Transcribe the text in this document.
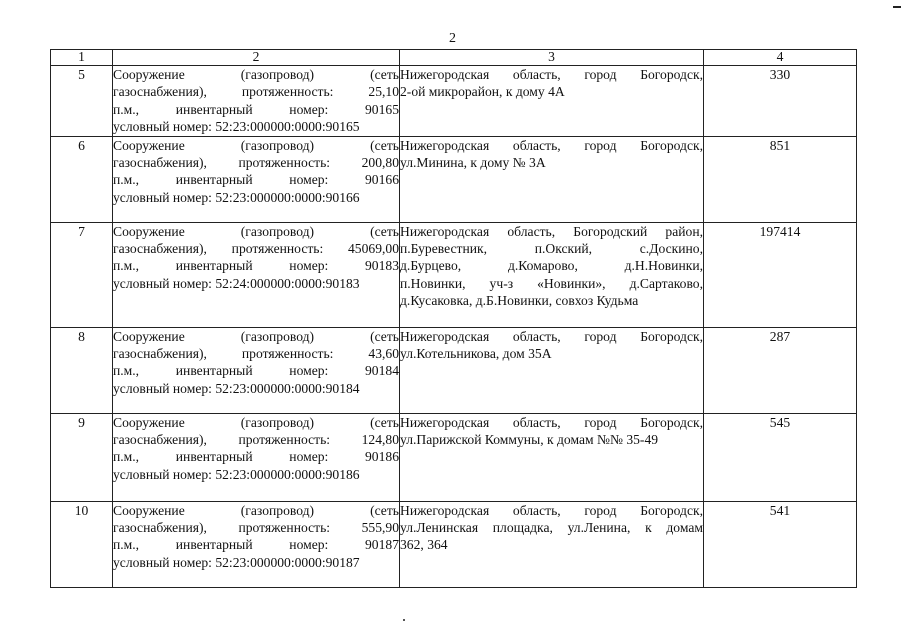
2
1	2	3	4
5	Сооружение (газопровод) (сеть
газоснабжения), протяженность: 25,10
п.м., инвентарный номер: 90165
условный номер: 52:23:000000:0000:90165	Нижегородская область, город Богородск,
2-ой микрорайон, к дому 4А	330
6	Сооружение (газопровод) (сеть
газоснабжения), протяженность: 200,80
п.м., инвентарный номер: 90166
условный номер: 52:23:000000:0000:90166	Нижегородская область, город Богородск,
ул.Минина, к дому № 3А	851
7	Сооружение (газопровод) (сеть
газоснабжения), протяженность: 45069,00
п.м., инвентарный номер: 90183
условный номер: 52:24:000000:0000:90183	Нижегородская область, Богородский район,
п.Буревестник, п.Окский, с.Доскино,
д.Бурцево, д.Комарово, д.Н.Новинки,
п.Новинки, уч-з «Новинки», д.Сартаково,
д.Кусаковка, д.Б.Новинки, совхоз Кудьма	197414
8	Сооружение (газопровод) (сеть
газоснабжения), протяженность: 43,60
п.м., инвентарный номер: 90184
условный номер: 52:23:000000:0000:90184	Нижегородская область, город Богородск,
ул.Котельникова, дом 35А	287
9	Сооружение (газопровод) (сеть
газоснабжения), протяженность: 124,80
п.м., инвентарный номер: 90186
условный номер: 52:23:000000:0000:90186	Нижегородская область, город Богородск,
ул.Парижской Коммуны, к домам №№ 35-49	545
10	Сооружение (газопровод) (сеть
газоснабжения), протяженность: 555,90
п.м., инвентарный номер: 90187
условный номер: 52:23:000000:0000:90187	Нижегородская область, город Богородск,
ул.Ленинская площадка, ул.Ленина, к домам
362, 364	541
